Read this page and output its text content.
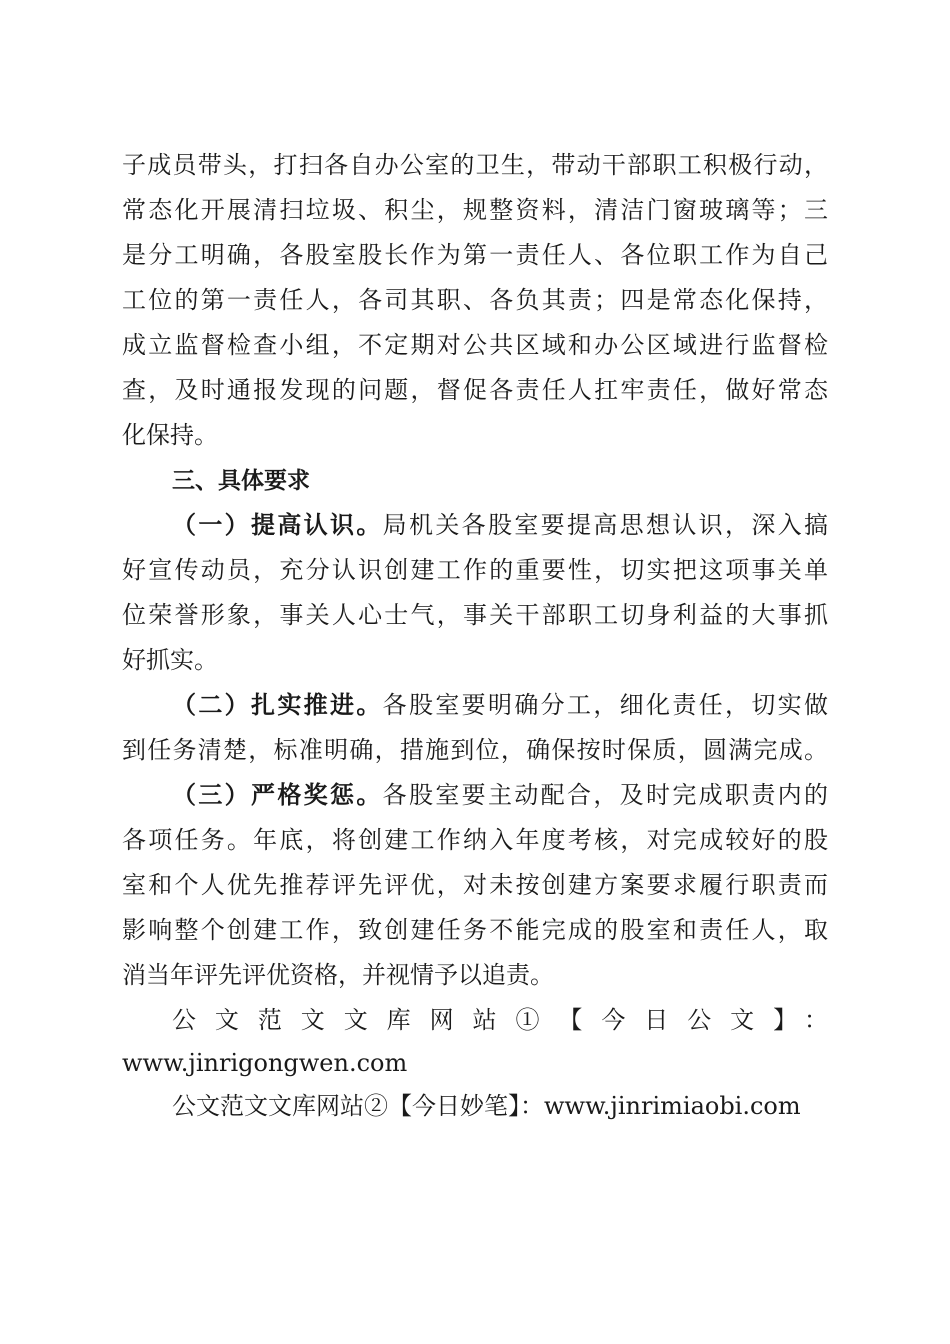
子成员带头，打扫各自办公室的卫生，带动干部职工积极行动，
常态化开展清扫垃圾、积尘，规整资料，清洁门窗玻璃等；三
是分工明确，各股室股长作为第一责任人、各位职工作为自己
工位的第一责任人，各司其职、各负其责；四是常态化保持，
成立监督检查小组，不定期对公共区域和办公区域进行监督检
查，及时通报发现的问题，督促各责任人扛牢责任，做好常态
化保持。
三、具体要求
（一）提高认识。局机关各股室要提高思想认识，深入搞
好宣传动员，充分认识创建工作的重要性，切实把这项事关单
位荣誉形象，事关人心士气，事关干部职工切身利益的大事抓
好抓实。
（二）扎实推进。各股室要明确分工，细化责任，切实做
到任务清楚，标准明确，措施到位，确保按时保质，圆满完成。
（三）严格奖惩。各股室要主动配合，及时完成职责内的
各项任务。年底，将创建工作纳入年度考核，对完成较好的股
室和个人优先推荐评先评优，对未按创建方案要求履行职责而
影响整个创建工作，致创建任务不能完成的股室和责任人，取
消当年评先评优资格，并视情予以追责。
公文范文文库网站①【今日公文】：
www.jinrigongwen.com
公文范文文库网站②【今日妙笔】：www.jinrimiaobi.com
